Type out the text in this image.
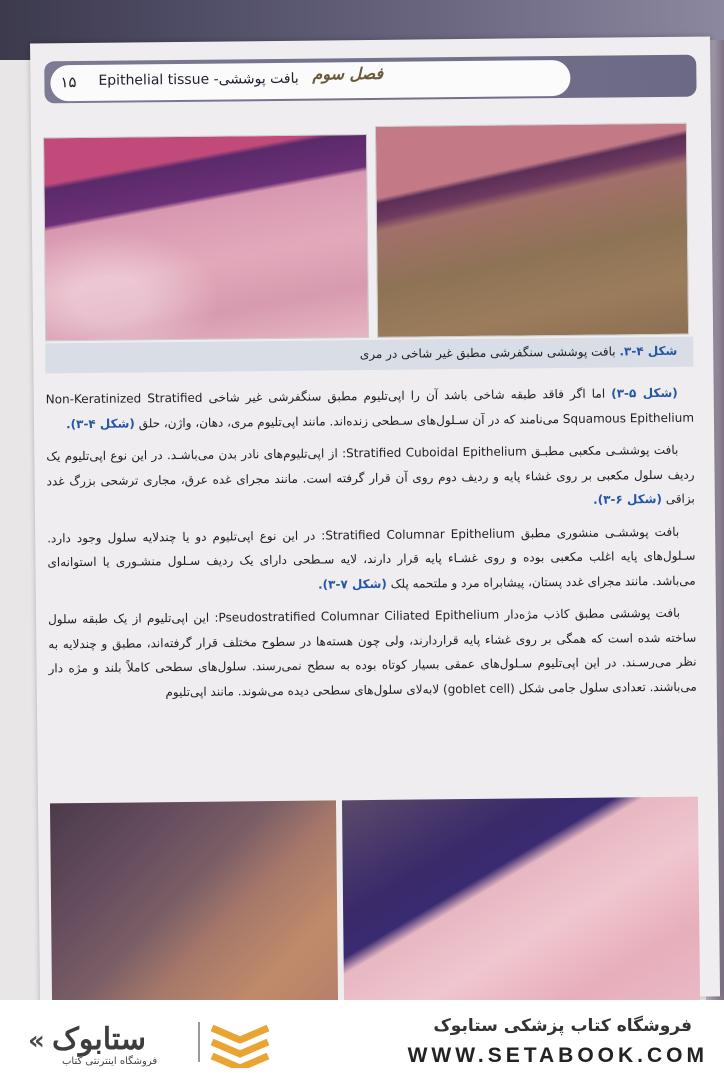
۱۵ Epithelial tissue -بافت پوششی فصل سوم
شکل ۴-۳. بافت پوششی سنگفرشی مطبق غیر شاخی در مری

(شکل ۵-۳) اما اگر فاقد طبقه شاخی باشد آن را اپی‌تلیوم مطبق سنگفرشی غیر شاخی Non-Keratinized Stratified Squamous Epithelium می‌نامند که در آن سـلول‌های سـطحی زنده‌اند. مانند اپی‌تلیوم مری، دهان، واژن، حلق (شکل ۴-۳).

بافت پوششـی مکعبی مطبـق Stratified Cuboidal Epithelium: از اپی‌تلیوم‌های نادر بدن می‌باشـد. در این نوع اپی‌تلیوم یک ردیف سلول مکعبی بر روی غشاء پایه و ردیف دوم روی آن قرار گرفته است. مانند مجرای غده عرق، مجاری ترشحی بزرگ غدد بزاقی (شکل ۶-۳).

بافت پوششـی منشوری مطبق Stratified Columnar Epithelium: در این نوع اپی‌تلیوم دو یا چندلایه سلول وجود دارد. سـلول‌های پایه اغلب مکعبی بوده و روی غشـاء پایه قرار دارند، لایه سـطحی دارای یک ردیف سـلول منشـوری یا استوانه‌ای می‌باشد. مانند مجرای غدد پستان، پیشابراه مرد و ملتحمه پلک (شکل ۷-۳).

بافت پوششی مطبق کاذب مژه‌دار Pseudostratified Columnar Ciliated Epithelium: این اپی‌تلیوم از یک طبقه سلول ساخته شده است که همگی بر روی غشاء پایه قراردارند، ولی چون هسته‌ها در سطوح مختلف قرار گرفته‌اند، مطبق و چندلایه به نظر می‌رسـند. در این اپی‌تلیوم سـلول‌های عمقی بسیار کوتاه بوده به سطح نمی‌رسند. سلول‌های سطحی کاملاً بلند و مژه دار می‌باشند. تعدادی سلول جامی شکل (goblet cell) لابه‌لای سلول‌های سطحی دیده می‌شوند. مانند اپی‌تلیوم

« ستابوک
فروشگاه اینترنتی کتاب
فروشگاه کتاب پزشکی ستابوک
WWW.SETABOOK.COM
